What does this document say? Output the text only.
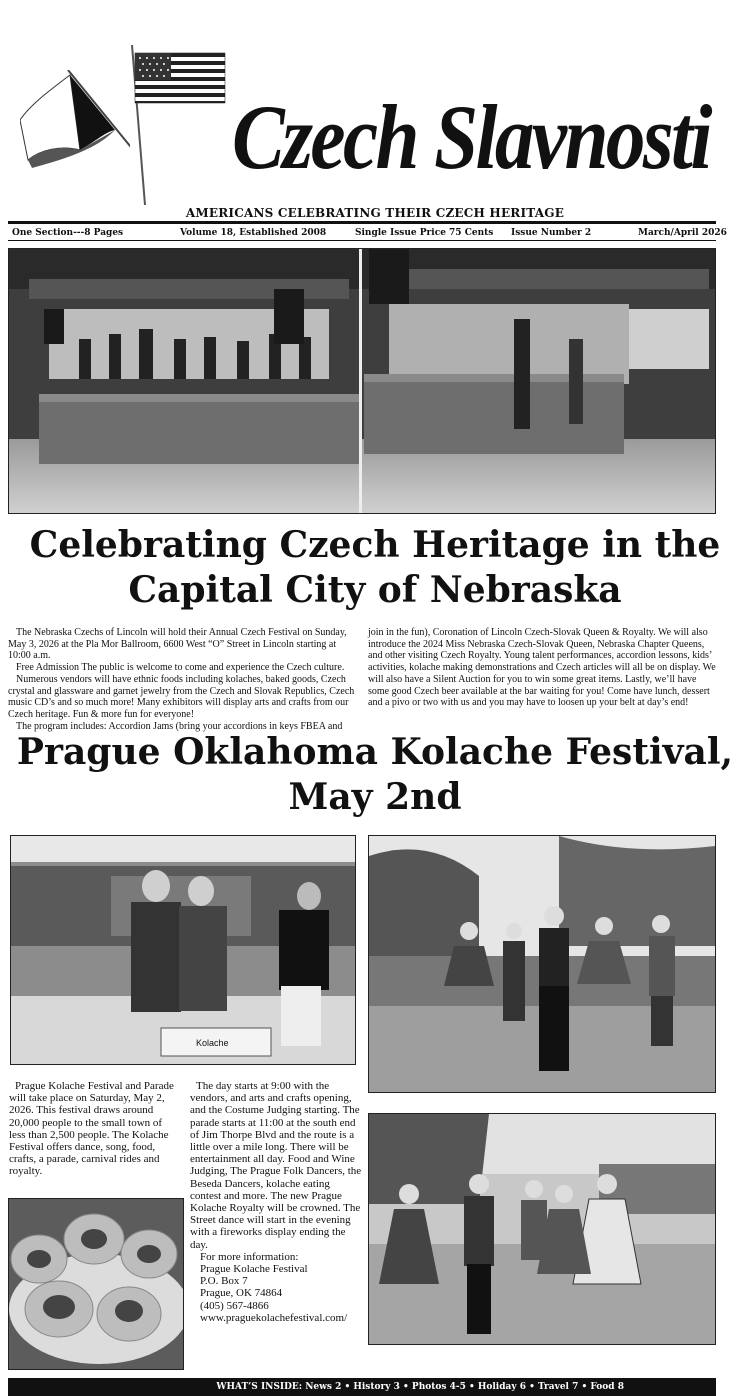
Czech Slavnosti
AMERICANS CELEBRATING THEIR CZECH HERITAGE
One Section---8 Pages	Volume 18, Established 2008	Single Issue Price 75 Cents Issue Number 2	March/April 2026
Celebrating Czech Heritage in the
Capital City of Nebraska

The Nebraska Czechs of Lincoln will hold their Annual Czech Festival on Sunday, May 3, 2026 at the Pla Mor Ballroom, 6600 West “O” Street in Lincoln starting at 10:00 a.m.

Free Admission The public is welcome to come and experience the Czech culture.

Numerous vendors will have ethnic foods including kolaches, baked goods, Czech crystal and glassware and garnet jewelry from the Czech and Slovak Republics, Czech music CD’s and so much more! Many exhibitors will display arts and crafts from our Czech heritage. Fun & more fun for everyone!

The program includes: Accordion Jams (bring your accordions in keys FBEA and

join in the fun), Coronation of Lincoln Czech-Slovak Queen & Royalty. We will also introduce the 2024 Miss Nebraska Czech-Slovak Queen, Nebraska Chapter Queens, and other visiting Czech Royalty. Young talent performances, accordion lessons, kids’ activities, kolache making demonstrations and Czech articles will all be on display. We will also have a Silent Auction for you to win some great items. Lastly, we’ll have some good Czech beer available at the bar waiting for you! Come have lunch, dessert and a pivo or two with us and you may have to loosen up your belt at day’s end!

Prague Oklahoma Kolache Festival,
May 2nd
Kolache

Prague Kolache Festival and Parade will take place on Saturday, May 2, 2026. This festival draws around 20,000 people to the small town of less than 2,500 people. The Kolache Festival offers dance, song, food, crafts, a parade, carnival rides and royalty.

The day starts at 9:00 with the vendors, and arts and crafts opening, and the Costume Judging starting. The parade starts at 11:00 at the south end of Jim Thorpe Blvd and the route is a little over a mile long. There will be entertainment all day. Food and Wine Judging, The Prague Folk Dancers, the Beseda Dancers, kolache eating contest and more. The new Prague Kolache Royalty will be crowned. The Street dance will start in the evening with a fireworks display ending the day.

For more information:

Prague Kolache Festival

P.O. Box 7

Prague, OK 74864

(405) 567-4866

www.praguekolachefestival.com/

WHAT’S INSIDE: News 2 • History 3 • Photos 4-5 • Holiday 6 • Travel 7 • Food 8
